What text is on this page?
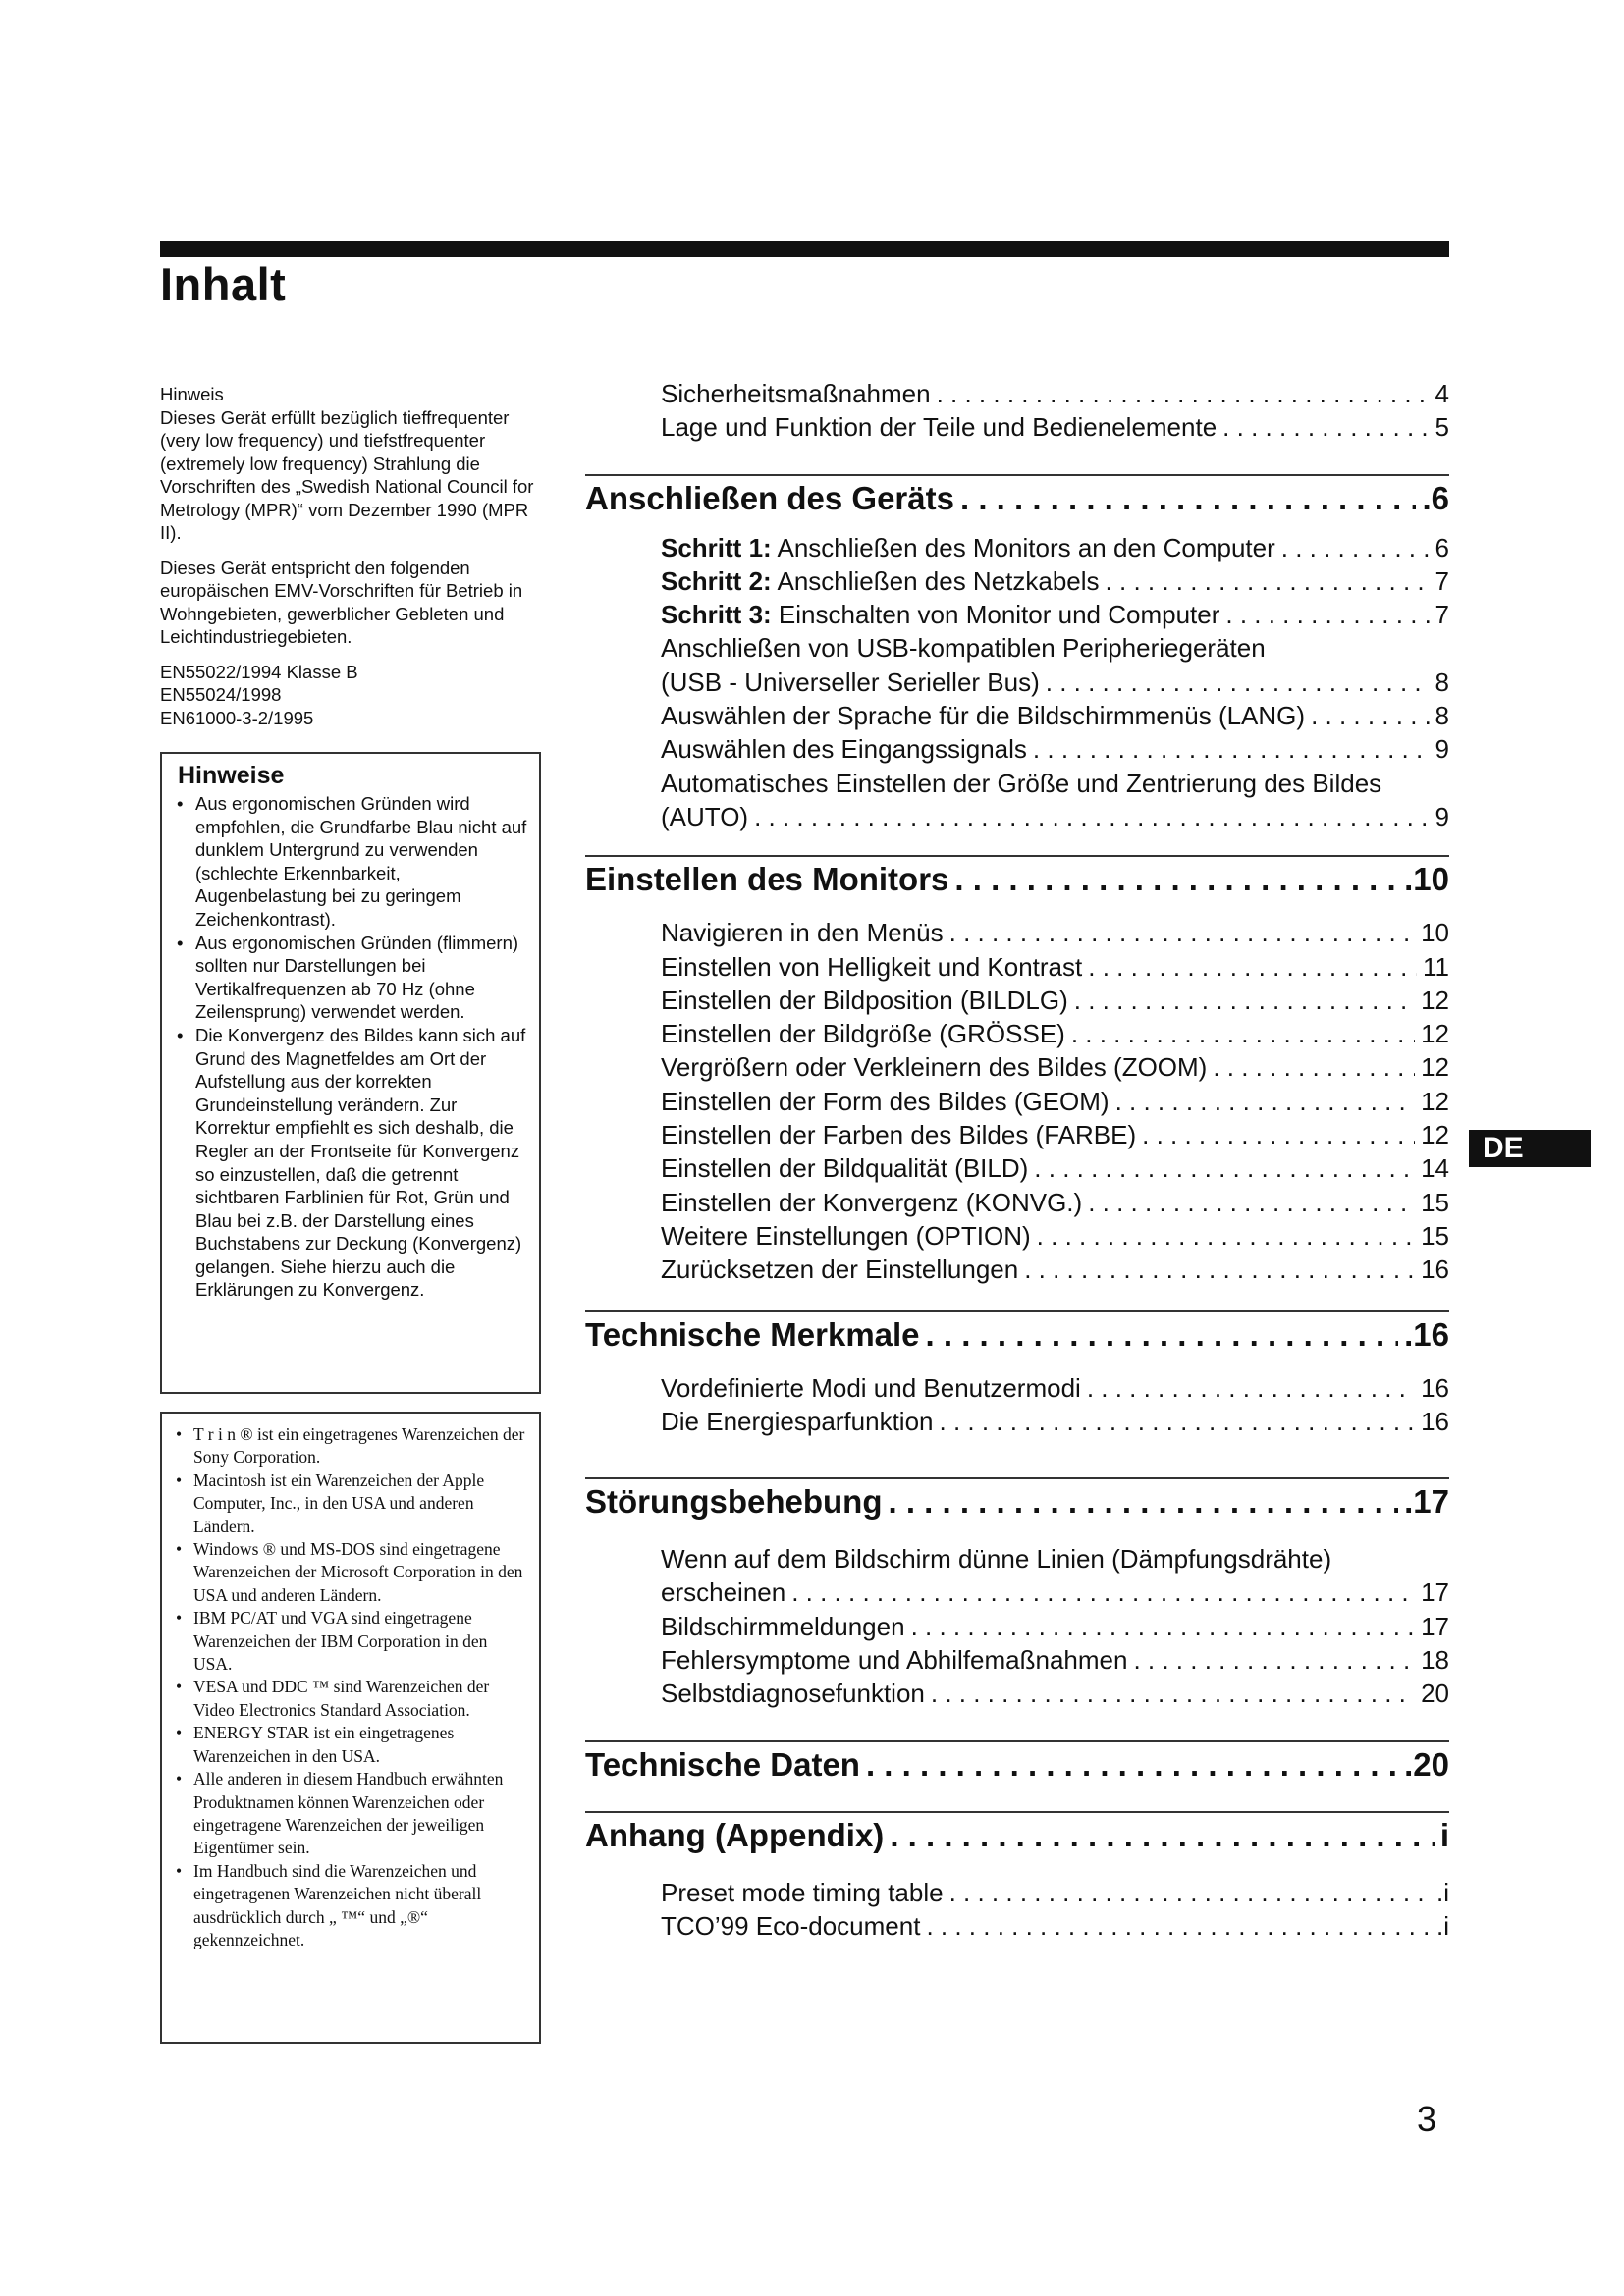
Inhalt

Hinweis
Dieses Gerät erfüllt bezüglich tieffrequenter (very low frequency) und tiefstfrequenter (extremely low frequency) Strahlung die Vorschriften des „Swedish National Council for Metrology (MPR)“ vom Dezember 1990 (MPR II).

Dieses Gerät entspricht den folgenden europäischen EMV-Vorschriften für Betrieb in Wohngebieten, gewerblicher Gebleten und Leichtindustriegebieten.

EN55022/1994 Klasse B
EN55024/1998
EN61000-3-2/1995

Hinweise
• Aus ergonomischen Gründen wird empfohlen, die Grundfarbe Blau nicht auf dunklem Untergrund zu verwenden (schlechte Erkennbarkeit, Augenbelastung bei zu geringem Zeichenkontrast).
• Aus ergonomischen Gründen (flimmern) sollten nur Darstellungen bei Vertikalfrequenzen ab 70 Hz (ohne Zeilensprung) verwendet werden.
• Die Konvergenz des Bildes kann sich auf Grund des Magnetfeldes am Ort der Aufstellung aus der korrekten Grundeinstellung verändern. Zur Korrektur empfiehlt es sich deshalb, die Regler an der Frontseite für Konvergenz so einzustellen, daß die getrennt sichtbaren Farblinien für Rot, Grün und Blau bei z.B. der Darstellung eines Buchstabens zur Deckung (Konvergenz) gelangen. Siehe hierzu auch die Erklärungen zu Konvergenz.
• T r i n ® ist ein eingetragenes Warenzeichen der Sony Corporation.
• Macintosh ist ein Warenzeichen der Apple Computer, Inc., in den USA und anderen Ländern.
• Windows ® und MS-DOS sind eingetragene Warenzeichen der Microsoft Corporation in den USA und anderen Ländern.
• IBM PC/AT und VGA sind eingetragene Warenzeichen der IBM Corporation in den USA.
• VESA und DDC ™ sind Warenzeichen der Video Electronics Standard Association.
• ENERGY STAR ist ein eingetragenes Warenzeichen in den USA.
• Alle anderen in diesem Handbuch erwähnten Produktnamen können Warenzeichen oder eingetragene Warenzeichen der jeweiligen Eigentümer sein.
• Im Handbuch sind die Warenzeichen und eingetragenen Warenzeichen nicht überall ausdrücklich durch „ ™“ und „®“ gekennzeichnet.
Sicherheitsmaßnahmen . . .	4
Lage und Funktion der Teile und Bedienelemente . . .	5
Anschließen des Geräts . . .	.6
Schritt 1: Anschließen des Monitors an den Computer . . .	6
Schritt 2: Anschließen des Netzkabels . . .	7
Schritt 3: Einschalten von Monitor und Computer . . .	7
Anschließen von USB-kompatiblen Peripheriegeräten
(USB - Universeller Serieller Bus) . . .	8
Auswählen der Sprache für die Bildschirmmenüs (LANG) . . .	8
Auswählen des Eingangssignals . . .	9
Automatisches Einstellen der Größe und Zentrierung des Bildes
(AUTO) . . .	9
Einstellen des Monitors . . .	.10
Navigieren in den Menüs . . .	10
Einstellen von Helligkeit und Kontrast . . .	11
Einstellen der Bildposition (BILDLG) . . .	12
Einstellen der Bildgröße (GRÖSSE) . . .	12
Vergrößern oder Verkleinern des Bildes (ZOOM) . . .	12
Einstellen der Form des Bildes (GEOM) . . .	12
Einstellen der Farben des Bildes (FARBE) . . .	12
Einstellen der Bildqualität (BILD) . . .	14
Einstellen der Konvergenz (KONVG.) . . .	15
Weitere Einstellungen (OPTION) . . .	15
Zurücksetzen der Einstellungen . . .	16
Technische Merkmale . . .	.16
Vordefinierte Modi und Benutzermodi . . .	16
Die Energiesparfunktion . . .	16
Störungsbehebung . . .	.17
Wenn auf dem Bildschirm dünne Linien (Dämpfungsdrähte)
erscheinen . . .	17
Bildschirmmeldungen . . .	17
Fehlersymptome und Abhilfemaßnahmen . . .	18
Selbstdiagnosefunktion . . .	20
Technische Daten . . .	.20
Anhang (Appendix) . . .	i
Preset mode timing table . . .	.i
TCO’99 Eco-document . . .	.i
DE
3
